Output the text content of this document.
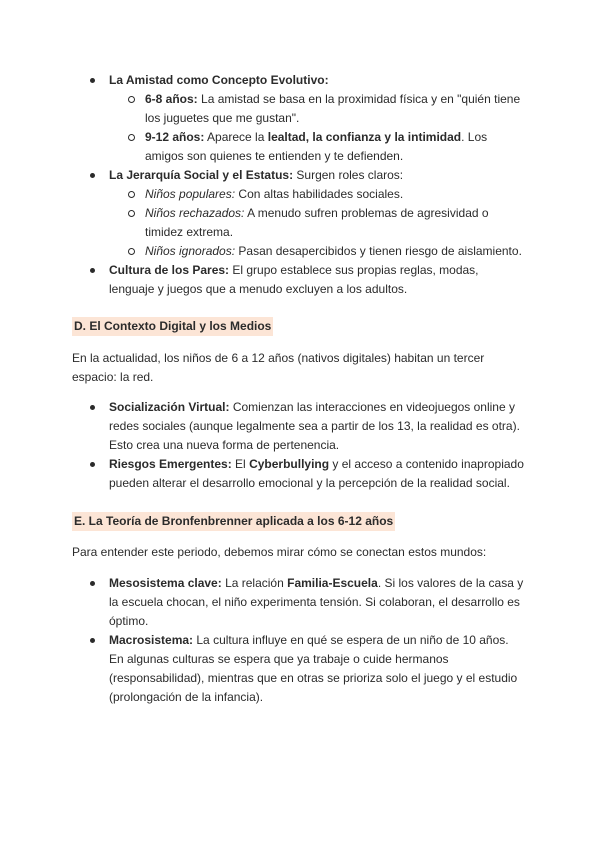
La Amistad como Concepto Evolutivo:
6-8 años: La amistad se basa en la proximidad física y en "quién tiene los juguetes que me gustan".
9-12 años: Aparece la lealtad, la confianza y la intimidad. Los amigos son quienes te entienden y te defienden.
La Jerarquía Social y el Estatus: Surgen roles claros:
Niños populares: Con altas habilidades sociales.
Niños rechazados: A menudo sufren problemas de agresividad o timidez extrema.
Niños ignorados: Pasan desapercibidos y tienen riesgo de aislamiento.
Cultura de los Pares: El grupo establece sus propias reglas, modas, lenguaje y juegos que a menudo excluyen a los adultos.
D. El Contexto Digital y los Medios
En la actualidad, los niños de 6 a 12 años (nativos digitales) habitan un tercer espacio: la red.
Socialización Virtual: Comienzan las interacciones en videojuegos online y redes sociales (aunque legalmente sea a partir de los 13, la realidad es otra). Esto crea una nueva forma de pertenencia.
Riesgos Emergentes: El Cyberbullying y el acceso a contenido inapropiado pueden alterar el desarrollo emocional y la percepción de la realidad social.
E. La Teoría de Bronfenbrenner aplicada a los 6-12 años
Para entender este periodo, debemos mirar cómo se conectan estos mundos:
Mesosistema clave: La relación Familia-Escuela. Si los valores de la casa y la escuela chocan, el niño experimenta tensión. Si colaboran, el desarrollo es óptimo.
Macrosistema: La cultura influye en qué se espera de un niño de 10 años. En algunas culturas se espera que ya trabaje o cuide hermanos (responsabilidad), mientras que en otras se prioriza solo el juego y el estudio (prolongación de la infancia).
